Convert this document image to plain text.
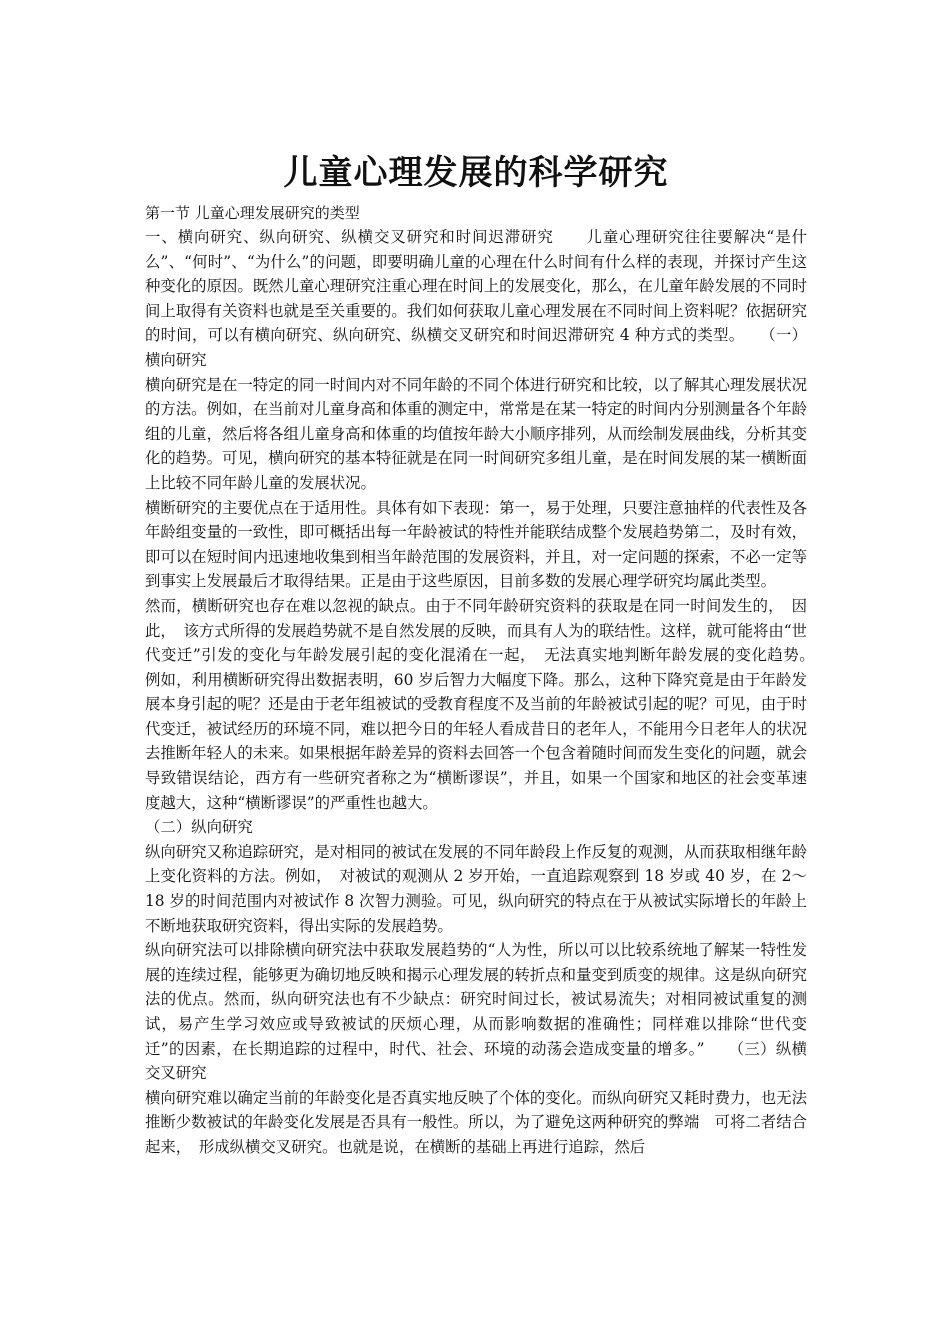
儿童心理发展的科学研究
第一节 儿童心理发展研究的类型

一、横向研究、纵向研究、纵横交叉研究和时间迟滞研究　　儿童心理研究往往要解决“是什么”、“何时”、“为什么”的问题，即要明确儿童的心理在什么时间有什么样的表现，并探讨产生这种变化的原因。既然儿童心理研究注重心理在时间上的发展变化，那么，在儿童年龄发展的不同时间上取得有关资料也就是至关重要的。我们如何获取儿童心理发展在不同时间上资料呢？依据研究的时间，可以有横向研究、纵向研究、纵横交叉研究和时间迟滞研究 4 种方式的类型。　　（一）横向研究

横向研究是在一特定的同一时间内对不同年龄的不同个体进行研究和比较，以了解其心理发展状况的方法。例如，在当前对儿童身高和体重的测定中，常常是在某一特定的时间内分别测量各个年龄组的儿童，然后将各组儿童身高和体重的均值按年龄大小顺序排列，从而绘制发展曲线，分析其变化的趋势。可见，横向研究的基本特征就是在同一时间研究多组儿童，是在时间发展的某一横断面上比较不同年龄儿童的发展状况。

横断研究的主要优点在于适用性。具体有如下表现：第一，易于处理，只要注意抽样的代表性及各年龄组变量的一致性，即可概括出每一年龄被试的特性并能联结成整个发展趋势第二，及时有效，即可以在短时间内迅速地收集到相当年龄范围的发展资料，并且，对一定问题的探索，不必一定等到事实上发展最后才取得结果。正是由于这些原因，目前多数的发展心理学研究均属此类型。

然而，横断研究也存在难以忽视的缺点。由于不同年龄研究资料的获取是在同一时间发生的，　因此，　该方式所得的发展趋势就不是自然发展的反映，而具有人为的联结性。这样，就可能将由“世代变迁”引发的变化与年龄发展引起的变化混淆在一起，　无法真实地判断年龄发展的变化趋势。　例如，利用横断研究得出数据表明，60 岁后智力大幅度下降。那么，这种下降究竟是由于年龄发展本身引起的呢？还是由于老年组被试的受教育程度不及当前的年龄被试引起的呢？可见，由于时代变迁，被试经历的环境不同，难以把今日的年轻人看成昔日的老年人，不能用今日老年人的状况去推断年轻人的未来。如果根据年龄差异的资料去回答一个包含着随时间而发生变化的问题，就会导致错误结论，西方有一些研究者称之为“横断谬误”，并且，如果一个国家和地区的社会变革速度越大，这种“横断谬误”的严重性也越大。

（二）纵向研究

纵向研究又称追踪研究，是对相同的被试在发展的不同年龄段上作反复的观测，从而获取相继年龄上变化资料的方法。例如，　对被试的观测从 2 岁开始，一直追踪观察到 18 岁或 40 岁，在 2～18 岁的时间范围内对被试作 8 次智力测验。可见，纵向研究的特点在于从被试实际增长的年龄上不断地获取研究资料，得出实际的发展趋势。

纵向研究法可以排除横向研究法中获取发展趋势的“人为性，所以可以比较系统地了解某一特性发展的连续过程，能够更为确切地反映和揭示心理发展的转折点和量变到质变的规律。这是纵向研究法的优点。然而，纵向研究法也有不少缺点：研究时间过长，被试易流失；对相同被试重复的测试，易产生学习效应或导致被试的厌烦心理，从而影响数据的准确性；同样难以排除“世代变迁”的因素，在长期追踪的过程中，时代、社会、环境的动荡会造成变量的增多。”　　（三）纵横交叉研究

横向研究难以确定当前的年龄变化是否真实地反映了个体的变化。而纵向研究又耗时费力，也无法推断少数被试的年龄变化发展是否具有一般性。所以，为了避免这两种研究的弊端　可将二者结合起来，　形成纵横交叉研究。也就是说，在横断的基础上再进行追踪，然后
